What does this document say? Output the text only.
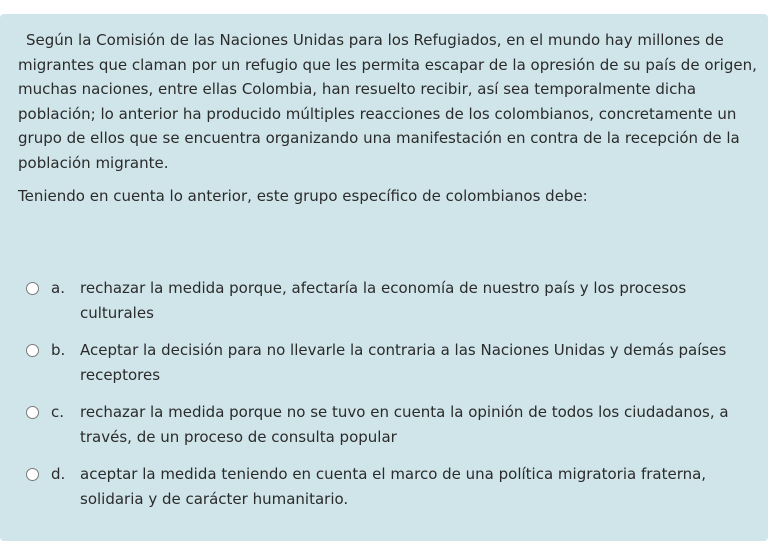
Según la Comisión de las Naciones Unidas para los Refugiados, en el mundo hay millones de migrantes que claman por un refugio que les permita escapar de la opresión de su país de origen, muchas naciones, entre ellas Colombia, han resuelto recibir, así sea temporalmente dicha población; lo anterior ha producido múltiples reacciones de los colombianos, concretamente un grupo de ellos que se encuentra organizando una manifestación en contra de la recepción de la población migrante.

Teniendo en cuenta lo anterior, este grupo específico de colombianos debe:

a. rechazar la medida porque, afectaría la economía de nuestro país y los procesos culturales
b. Aceptar la decisión para no llevarle la contraria a las Naciones Unidas y demás países receptores
c. rechazar la medida porque no se tuvo en cuenta la opinión de todos los ciudadanos, a través, de un proceso de consulta popular
d. aceptar la medida teniendo en cuenta el marco de una política migratoria fraterna, solidaria y de carácter humanitario.
